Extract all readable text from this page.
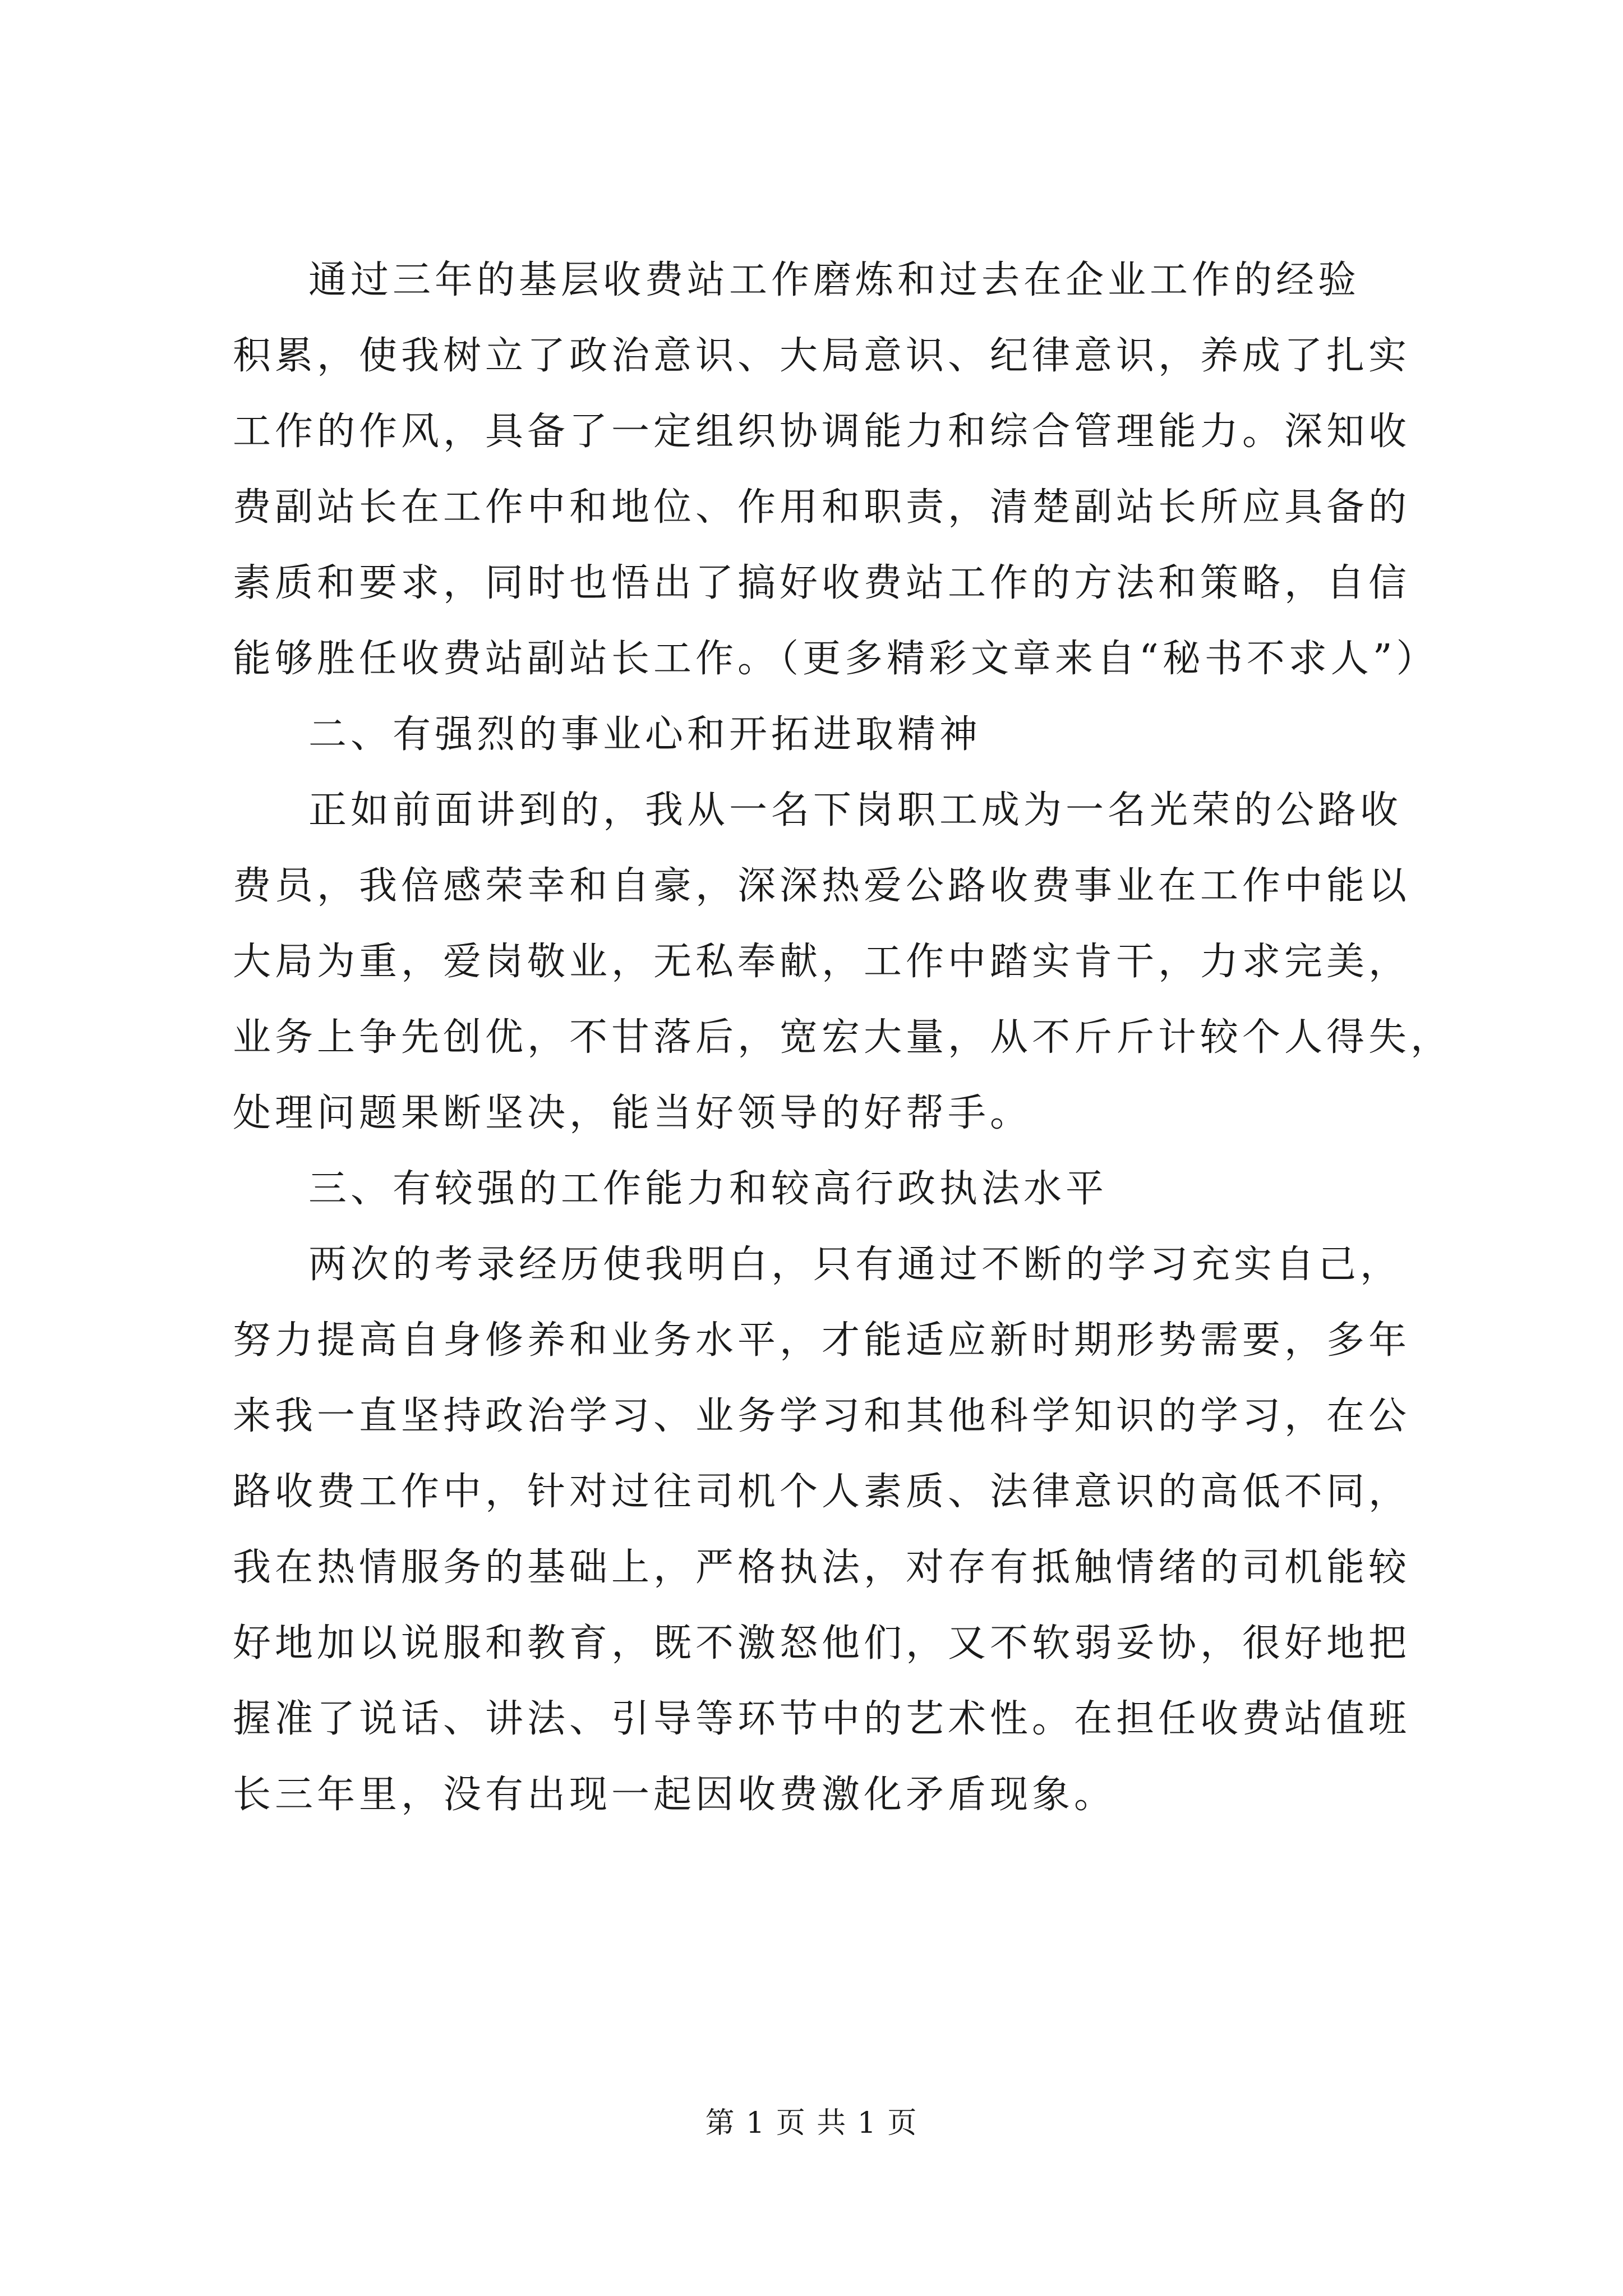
通过三年的基层收费站工作磨炼和过去在企业工作的经验
积累，使我树立了政治意识、大局意识、纪律意识，养成了扎实
工作的作风，具备了一定组织协调能力和综合管理能力。深知收
费副站长在工作中和地位、作用和职责，清楚副站长所应具备的
素质和要求，同时也悟出了搞好收费站工作的方法和策略，自信
能够胜任收费站副站长工作。（更多精彩文章来自“秘书不求人”）
二、有强烈的事业心和开拓进取精神
正如前面讲到的，我从一名下岗职工成为一名光荣的公路收
费员，我倍感荣幸和自豪，深深热爱公路收费事业在工作中能以
大局为重，爱岗敬业，无私奉献，工作中踏实肯干，力求完美，
业务上争先创优，不甘落后，宽宏大量，从不斤斤计较个人得失，
处理问题果断坚决，能当好领导的好帮手。
三、有较强的工作能力和较高行政执法水平
两次的考录经历使我明白，只有通过不断的学习充实自己，
努力提高自身修养和业务水平，才能适应新时期形势需要，多年
来我一直坚持政治学习、业务学习和其他科学知识的学习，在公
路收费工作中，针对过往司机个人素质、法律意识的高低不同，
我在热情服务的基础上，严格执法，对存有抵触情绪的司机能较
好地加以说服和教育，既不激怒他们，又不软弱妥协，很好地把
握准了说话、讲法、引导等环节中的艺术性。在担任收费站值班
长三年里，没有出现一起因收费激化矛盾现象。
第 1 页 共 1 页
